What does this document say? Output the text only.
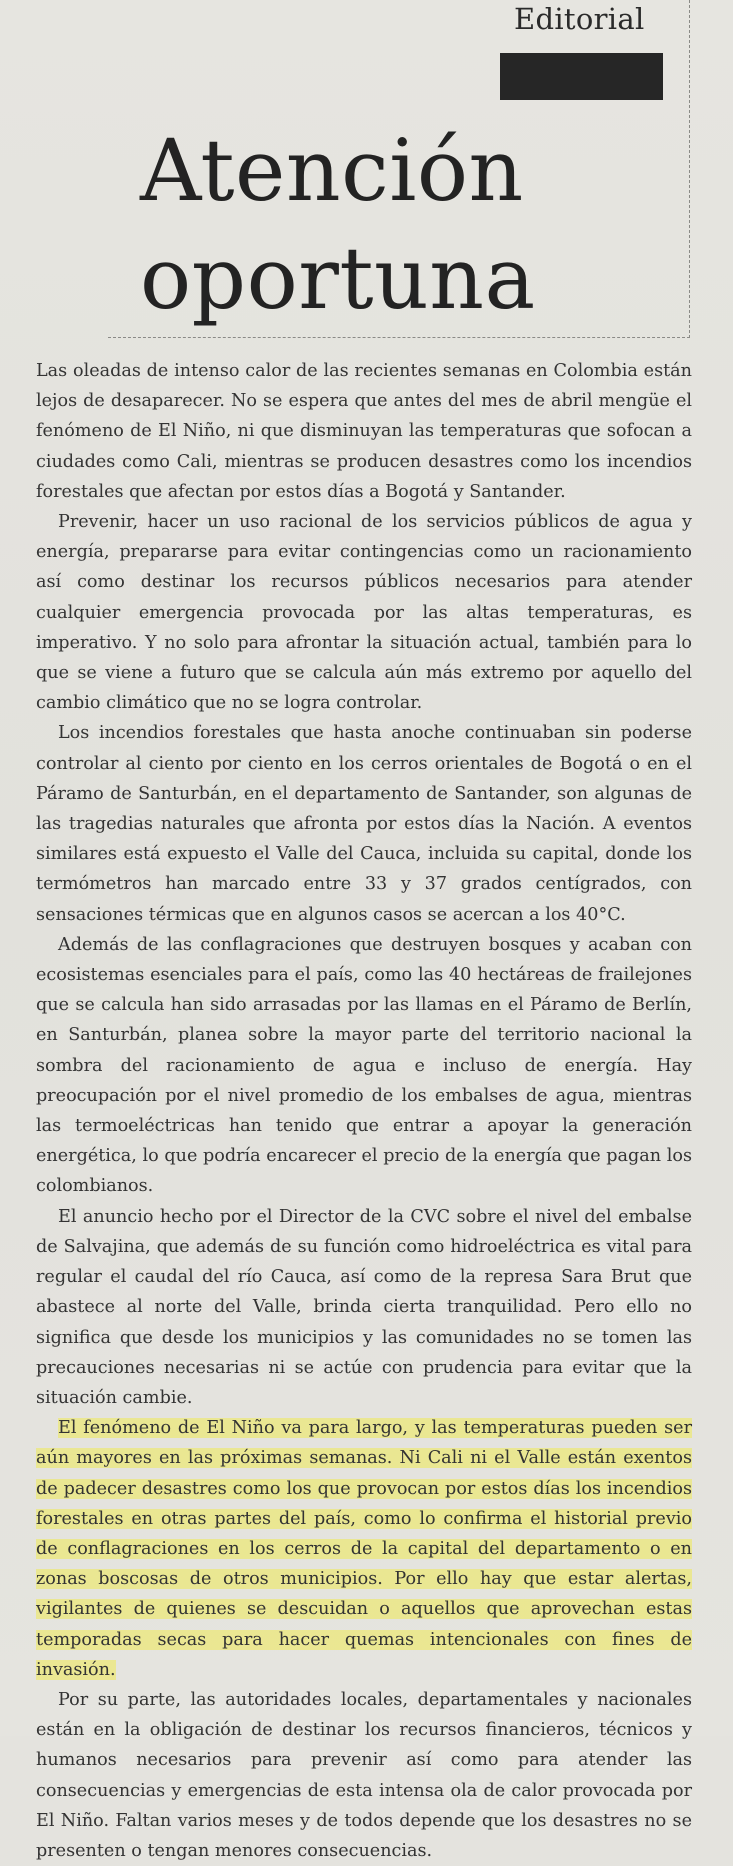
Editorial
Atención
oportuna

Las oleadas de intenso calor de las recientes semanas en Colombia están lejos de desaparecer. No se espera que antes del mes de abril mengüe el fenómeno de El Niño, ni que disminuyan las temperaturas que sofocan a ciudades como Cali, mientras se producen desastres como los incendios forestales que afectan por estos días a Bogotá y Santander.

Prevenir, hacer un uso racional de los servicios públicos de agua y energía, prepararse para evitar contingencias como un racionamiento así como destinar los recursos públicos necesarios para atender cualquier emergencia provocada por las altas temperaturas, es imperativo. Y no solo para afrontar la situación actual, también para lo que se viene a futuro que se calcula aún más extremo por aquello del cambio climático que no se logra controlar.

Los incendios forestales que hasta anoche continuaban sin poderse controlar al ciento por ciento en los cerros orientales de Bogotá o en el Páramo de Santurbán, en el departamento de Santander, son algunas de las tragedias naturales que afronta por estos días la Nación. A eventos similares está expuesto el Valle del Cauca, incluida su capital, donde los termómetros han marcado entre 33 y 37 grados centígrados, con sensaciones térmicas que en algunos casos se acercan a los 40°C.

Además de las conflagraciones que destruyen bosques y acaban con ecosistemas esenciales para el país, como las 40 hectáreas de frailejones que se calcula han sido arrasadas por las llamas en el Páramo de Berlín, en Santurbán, planea sobre la mayor parte del territorio nacional la sombra del racionamiento de agua e incluso de energía. Hay preocupación por el nivel promedio de los embalses de agua, mientras las termoeléctricas han tenido que entrar a apoyar la generación energética, lo que podría encarecer el precio de la energía que pagan los colombianos.

El anuncio hecho por el Director de la CVC sobre el nivel del embalse de Salvajina, que además de su función como hidroeléctrica es vital para regular el caudal del río Cauca, así como de la represa Sara Brut que abastece al norte del Valle, brinda cierta tranquilidad. Pero ello no significa que desde los municipios y las comunidades no se tomen las precauciones necesarias ni se actúe con prudencia para evitar que la situación cambie.

El fenómeno de El Niño va para largo, y las temperaturas pueden ser aún mayores en las próximas semanas. Ni Cali ni el Valle están exentos de padecer desastres como los que provocan por estos días los incendios forestales en otras partes del país, como lo confirma el historial previo de conflagraciones en los cerros de la capital del departamento o en zonas boscosas de otros municipios. Por ello hay que estar alertas, vigilantes de quienes se descuidan o aquellos que aprovechan estas temporadas secas para hacer quemas intencionales con fines de invasión.

Por su parte, las autoridades locales, departamentales y nacionales están en la obligación de destinar los recursos financieros, técnicos y humanos necesarios para prevenir así como para atender las consecuencias y emergencias de esta intensa ola de calor provocada por El Niño. Faltan varios meses y de todos depende que los desastres no se presenten o tengan menores consecuencias.
